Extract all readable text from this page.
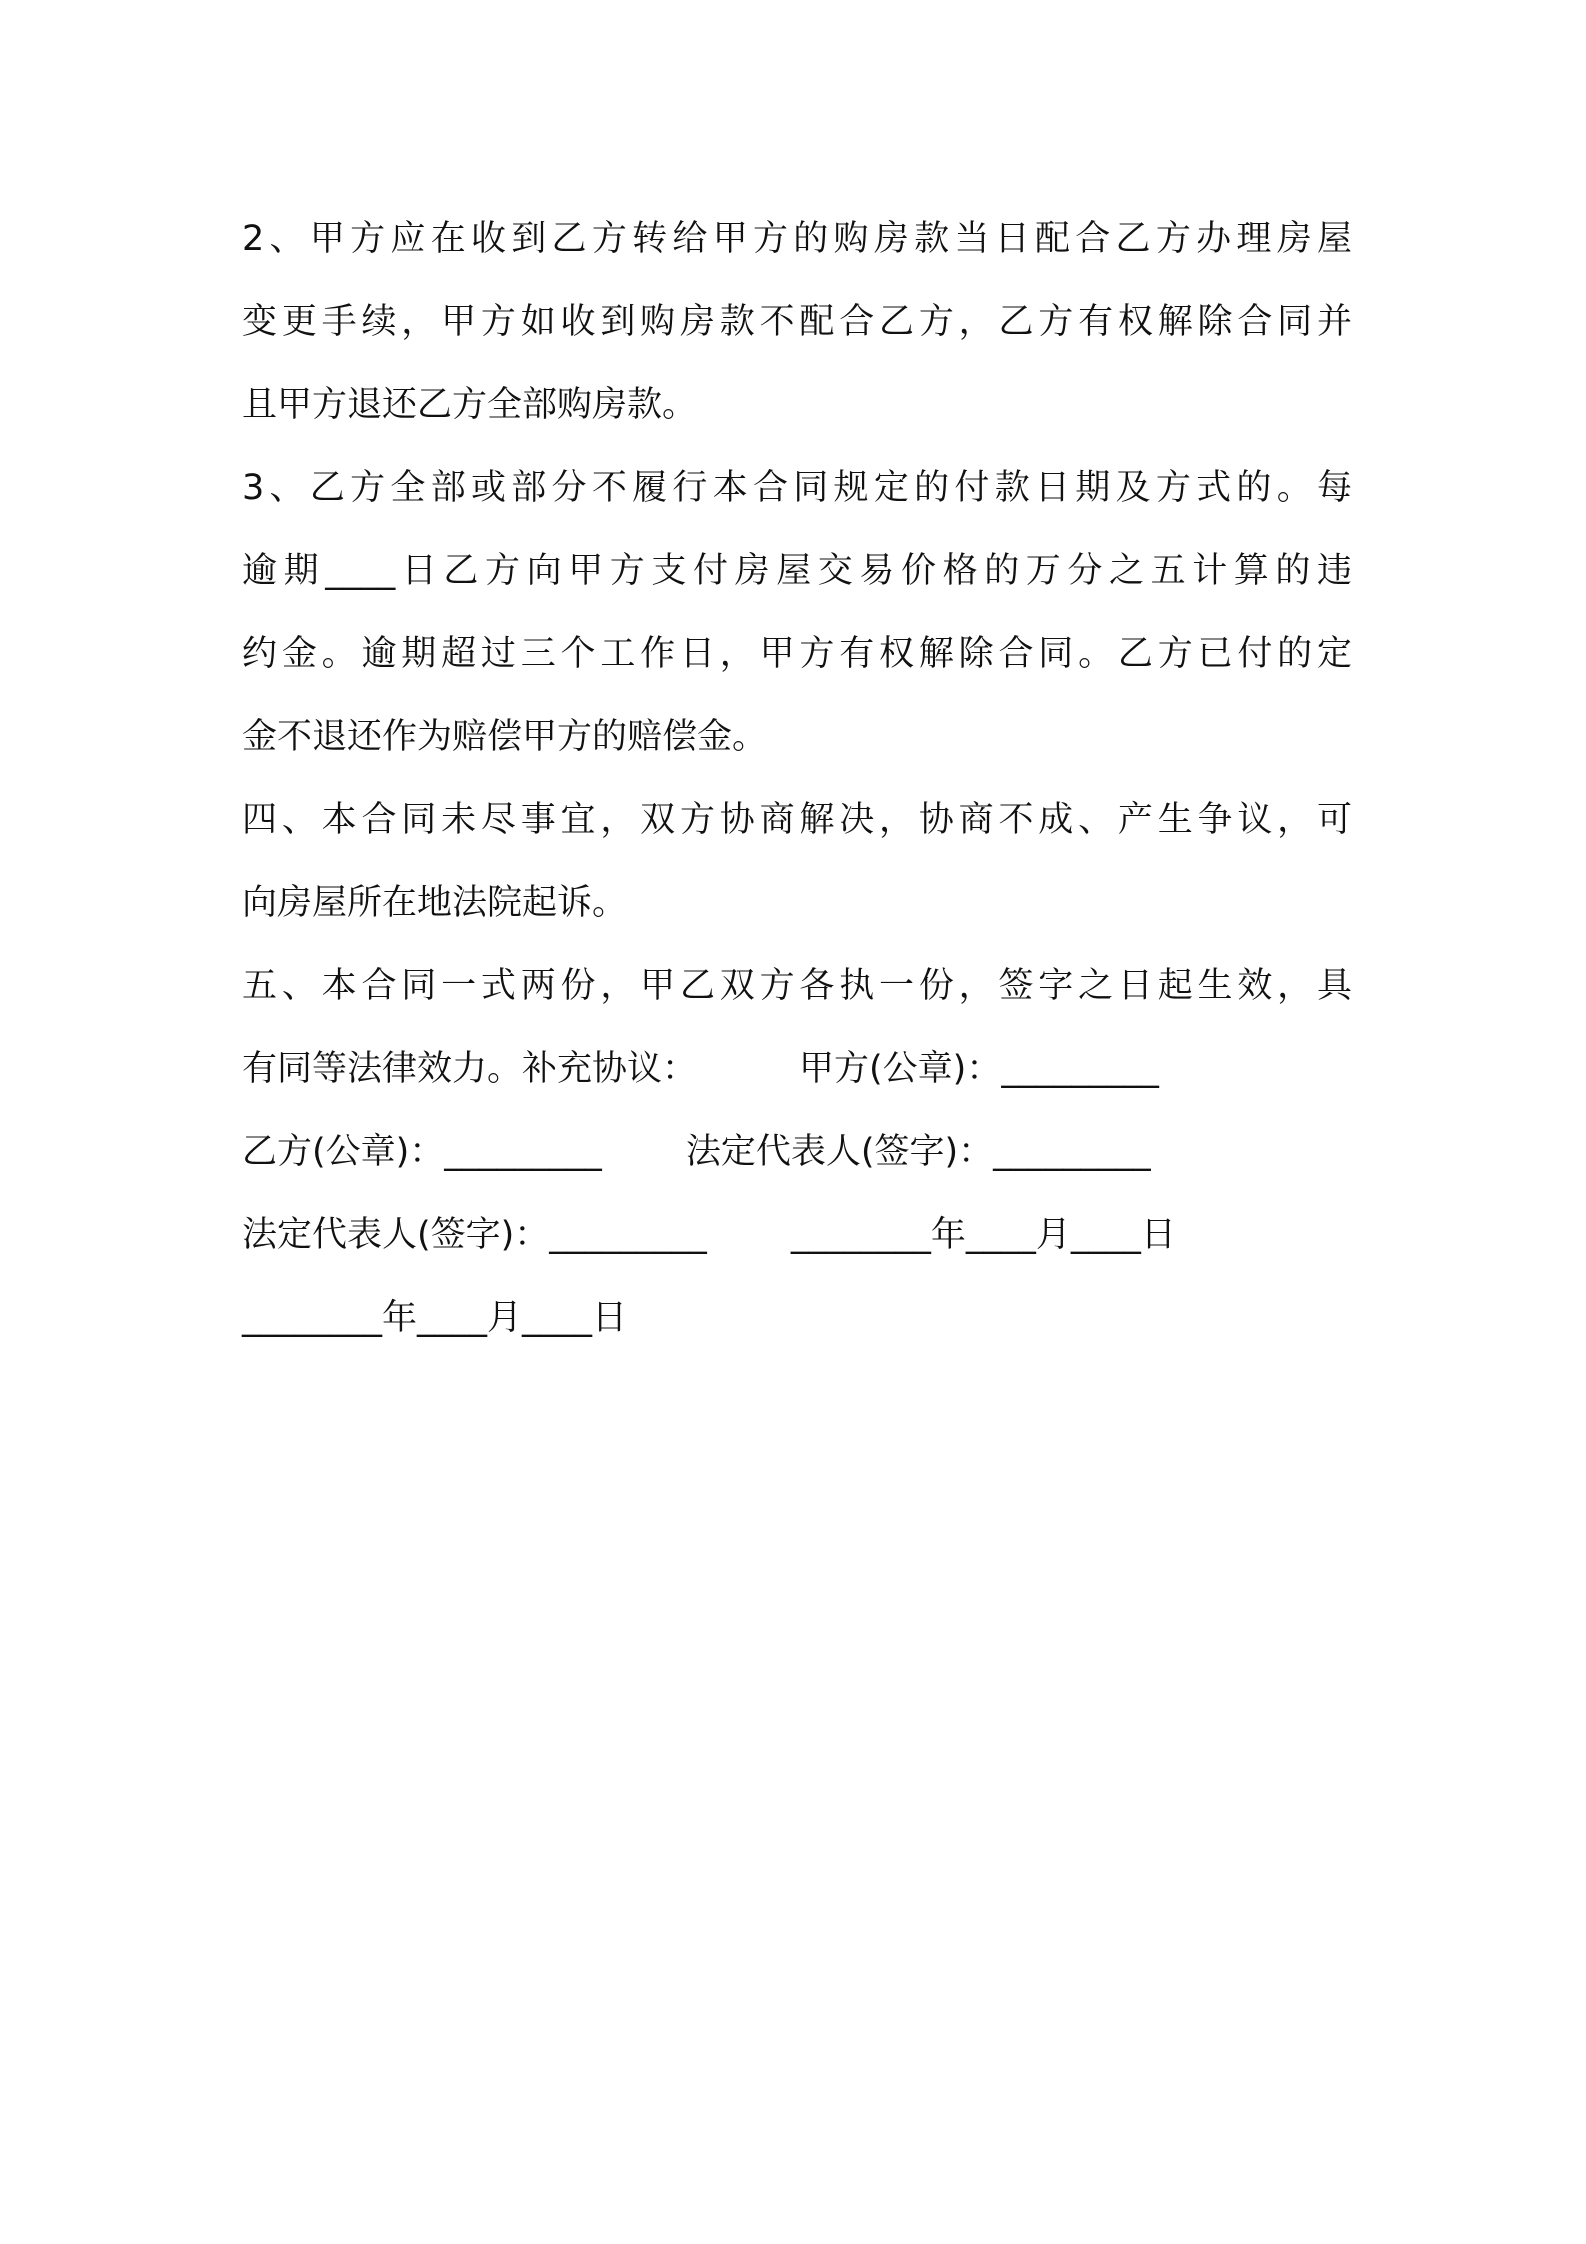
2、甲方应在收到乙方转给甲方的购房款当日配合乙方办理房屋
变更手续，甲方如收到购房款不配合乙方，乙方有权解除合同并
且甲方退还乙方全部购房款。
3、乙方全部或部分不履行本合同规定的付款日期及方式的。每
逾期____日乙方向甲方支付房屋交易价格的万分之五计算的违
约金。逾期超过三个工作日，甲方有权解除合同。乙方已付的定
金不退还作为赔偿甲方的赔偿金。
四、本合同未尽事宜，双方协商解决，协商不成、产生争议，可
向房屋所在地法院起诉。
五、本合同一式两份，甲乙双方各执一份，签字之日起生效，具
有同等法律效力。补充协议：	甲方(公章)：_________
乙方(公章)：_________ 法定代表人(签字)：_________
法定代表人(签字)：_________ ________年____月____日
________年____月____日
